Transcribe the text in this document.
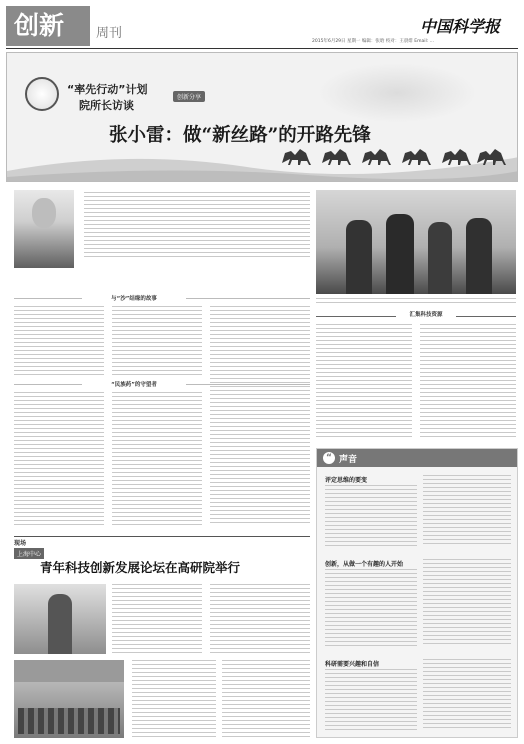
创新 周刊	中国科学报
2015年6月29日 星期一 编辑：张晗 校对：王晨绯 Email: ...
“率先行动”计划
院所长访谈
创新分享
张小雷：做“新丝路”的开路先锋
与“沙”结缘的故事
“民族药”的守望者
汇集科技资源
“ 声音
评定思维的要变
创新，从做一个有趣的人开始
科研需要兴趣和自信
现场
上海中心
青年科技创新发展论坛在高研院举行
